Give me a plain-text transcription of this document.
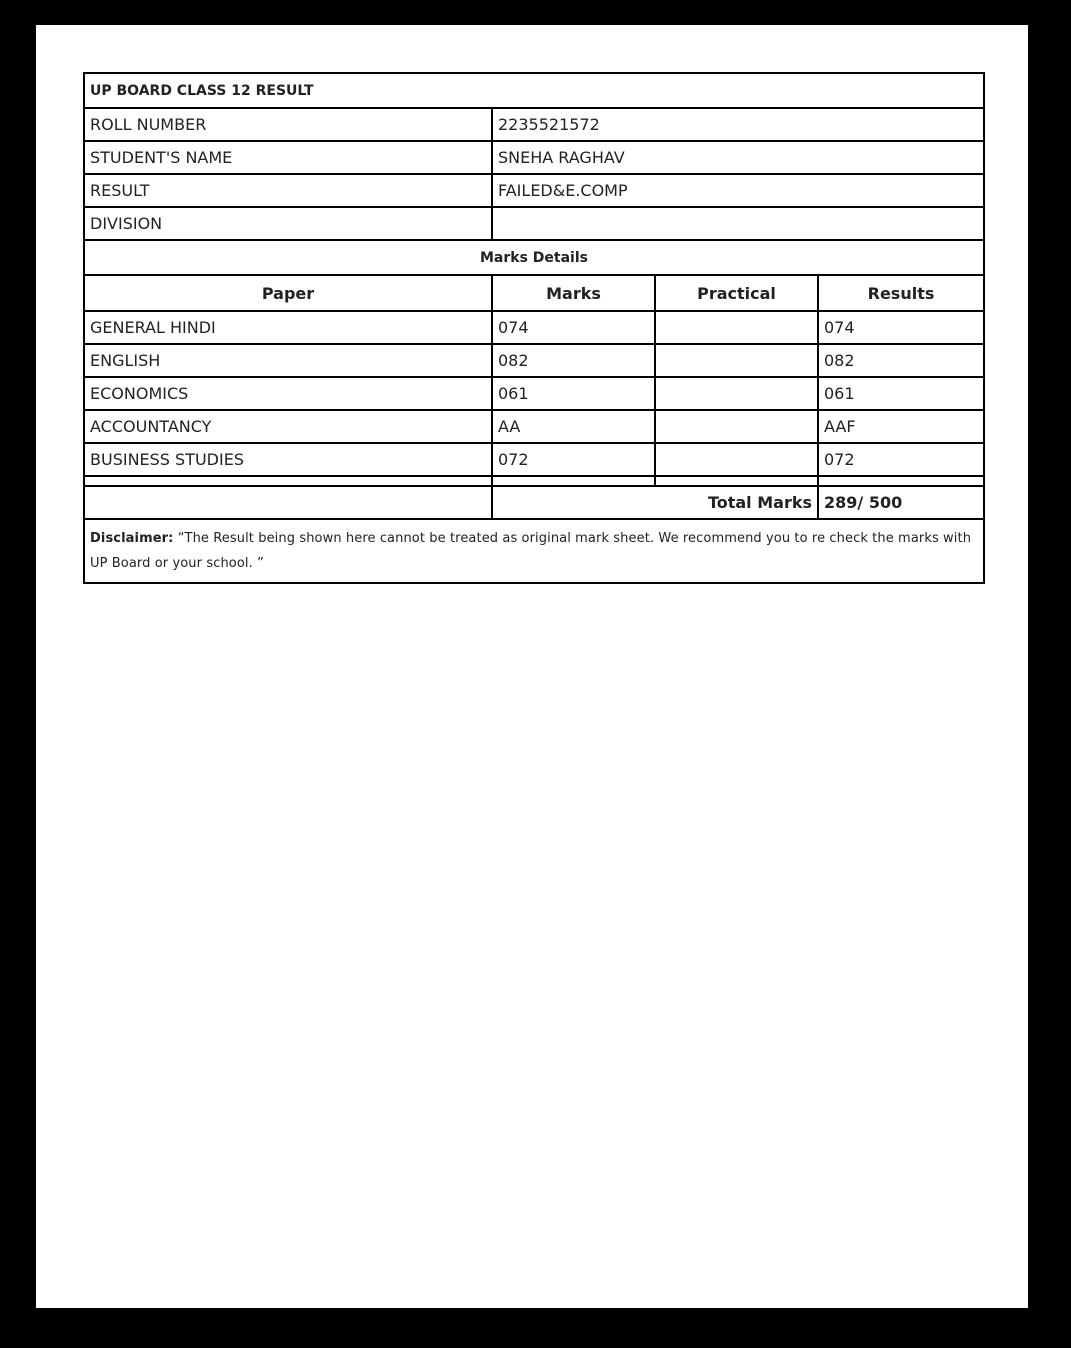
UP BOARD CLASS 12 RESULT			
ROLL NUMBER	2235521572		
STUDENT'S NAME	SNEHA RAGHAV		
RESULT	FAILED&E.COMP		
DIVISION			
Marks Details			
Paper	Marks	Practical	Results
GENERAL HINDI	074		074
ENGLISH	082		082
ECONOMICS	061		061
ACCOUNTANCY	AA		AAF
BUSINESS STUDIES	072		072

	Total Marks		289/ 500
Disclaimer: “The Result being shown here cannot be treated as original mark sheet. We recommend you to re check the marks with UP Board or your school. ”			
